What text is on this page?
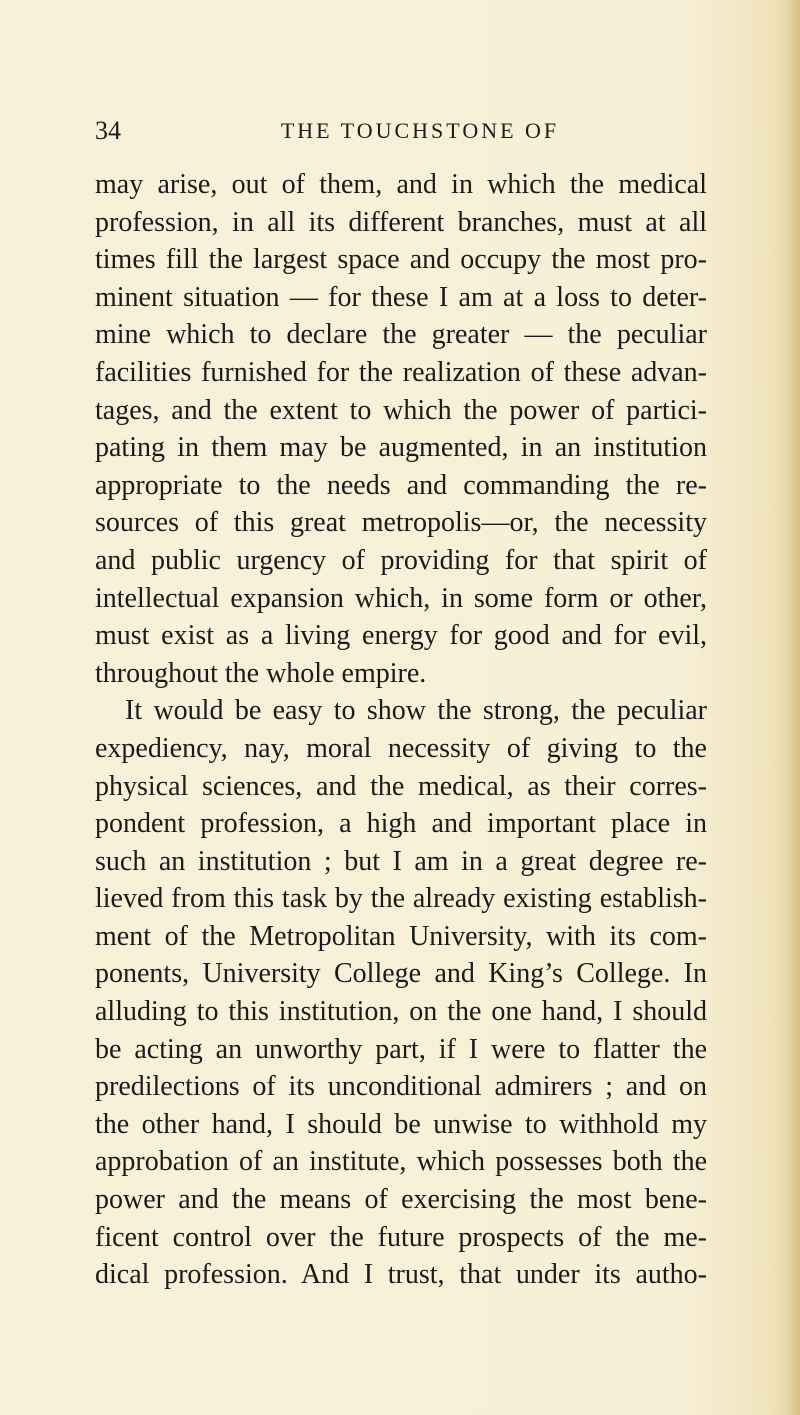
34	THE TOUCHSTONE OF
may arise, out of them, and in which the medical
profession, in all its different branches, must at all
times fill the largest space and occupy the most pro-
minent situation — for these I am at a loss to deter-
mine which to declare the greater — the peculiar
facilities furnished for the realization of these advan-
tages, and the extent to which the power of partici-
pating in them may be augmented, in an institution
appropriate to the needs and commanding the re-
sources of this great metropolis—or, the necessity
and public urgency of providing for that spirit of
intellectual expansion which, in some form or other,
must exist as a living energy for good and for evil,
throughout the whole empire.
It would be easy to show the strong, the peculiar
expediency, nay, moral necessity of giving to the
physical sciences, and the medical, as their corres-
pondent profession, a high and important place in
such an institution ; but I am in a great degree re-
lieved from this task by the already existing establish-
ment of the Metropolitan University, with its com-
ponents, University College and King’s College. In
alluding to this institution, on the one hand, I should
be acting an unworthy part, if I were to flatter the
predilections of its unconditional admirers ; and on
the other hand, I should be unwise to withhold my
approbation of an institute, which possesses both the
power and the means of exercising the most bene-
ficent control over the future prospects of the me-
dical profession. And I trust, that under its autho-
